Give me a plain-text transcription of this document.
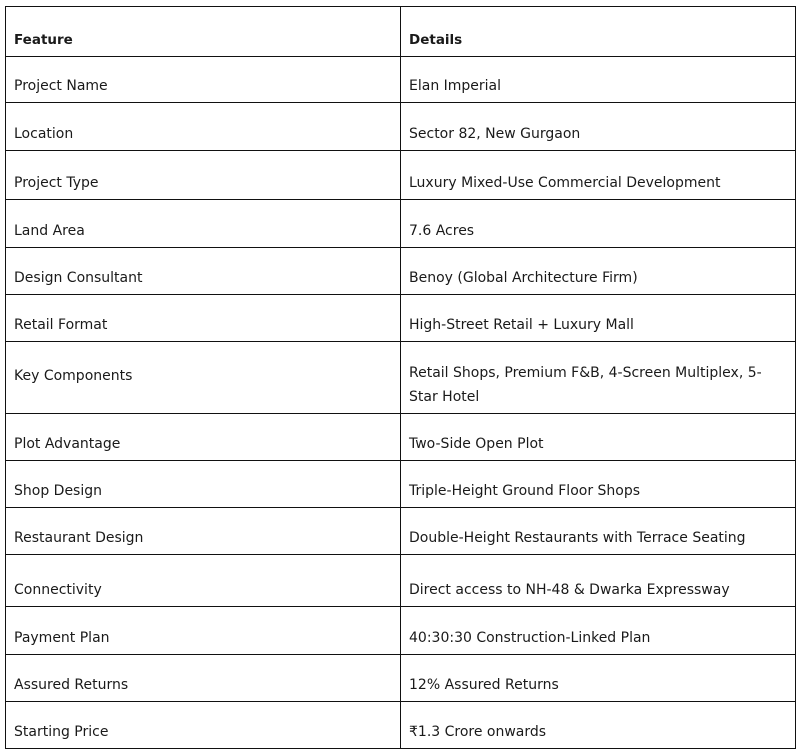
Feature	Details
Project Name	Elan Imperial
Location	Sector 82, New Gurgaon
Project Type	Luxury Mixed-Use Commercial Development
Land Area	7.6 Acres
Design Consultant	Benoy (Global Architecture Firm)
Retail Format	High-Street Retail + Luxury Mall
Key Components	Retail Shops, Premium F&B, 4-Screen Multiplex, 5-Star Hotel
Plot Advantage	Two-Side Open Plot
Shop Design	Triple-Height Ground Floor Shops
Restaurant Design	Double-Height Restaurants with Terrace Seating
Connectivity	Direct access to NH-48 & Dwarka Expressway
Payment Plan	40:30:30 Construction-Linked Plan
Assured Returns	12% Assured Returns
Starting Price	₹1.3 Crore onwards
